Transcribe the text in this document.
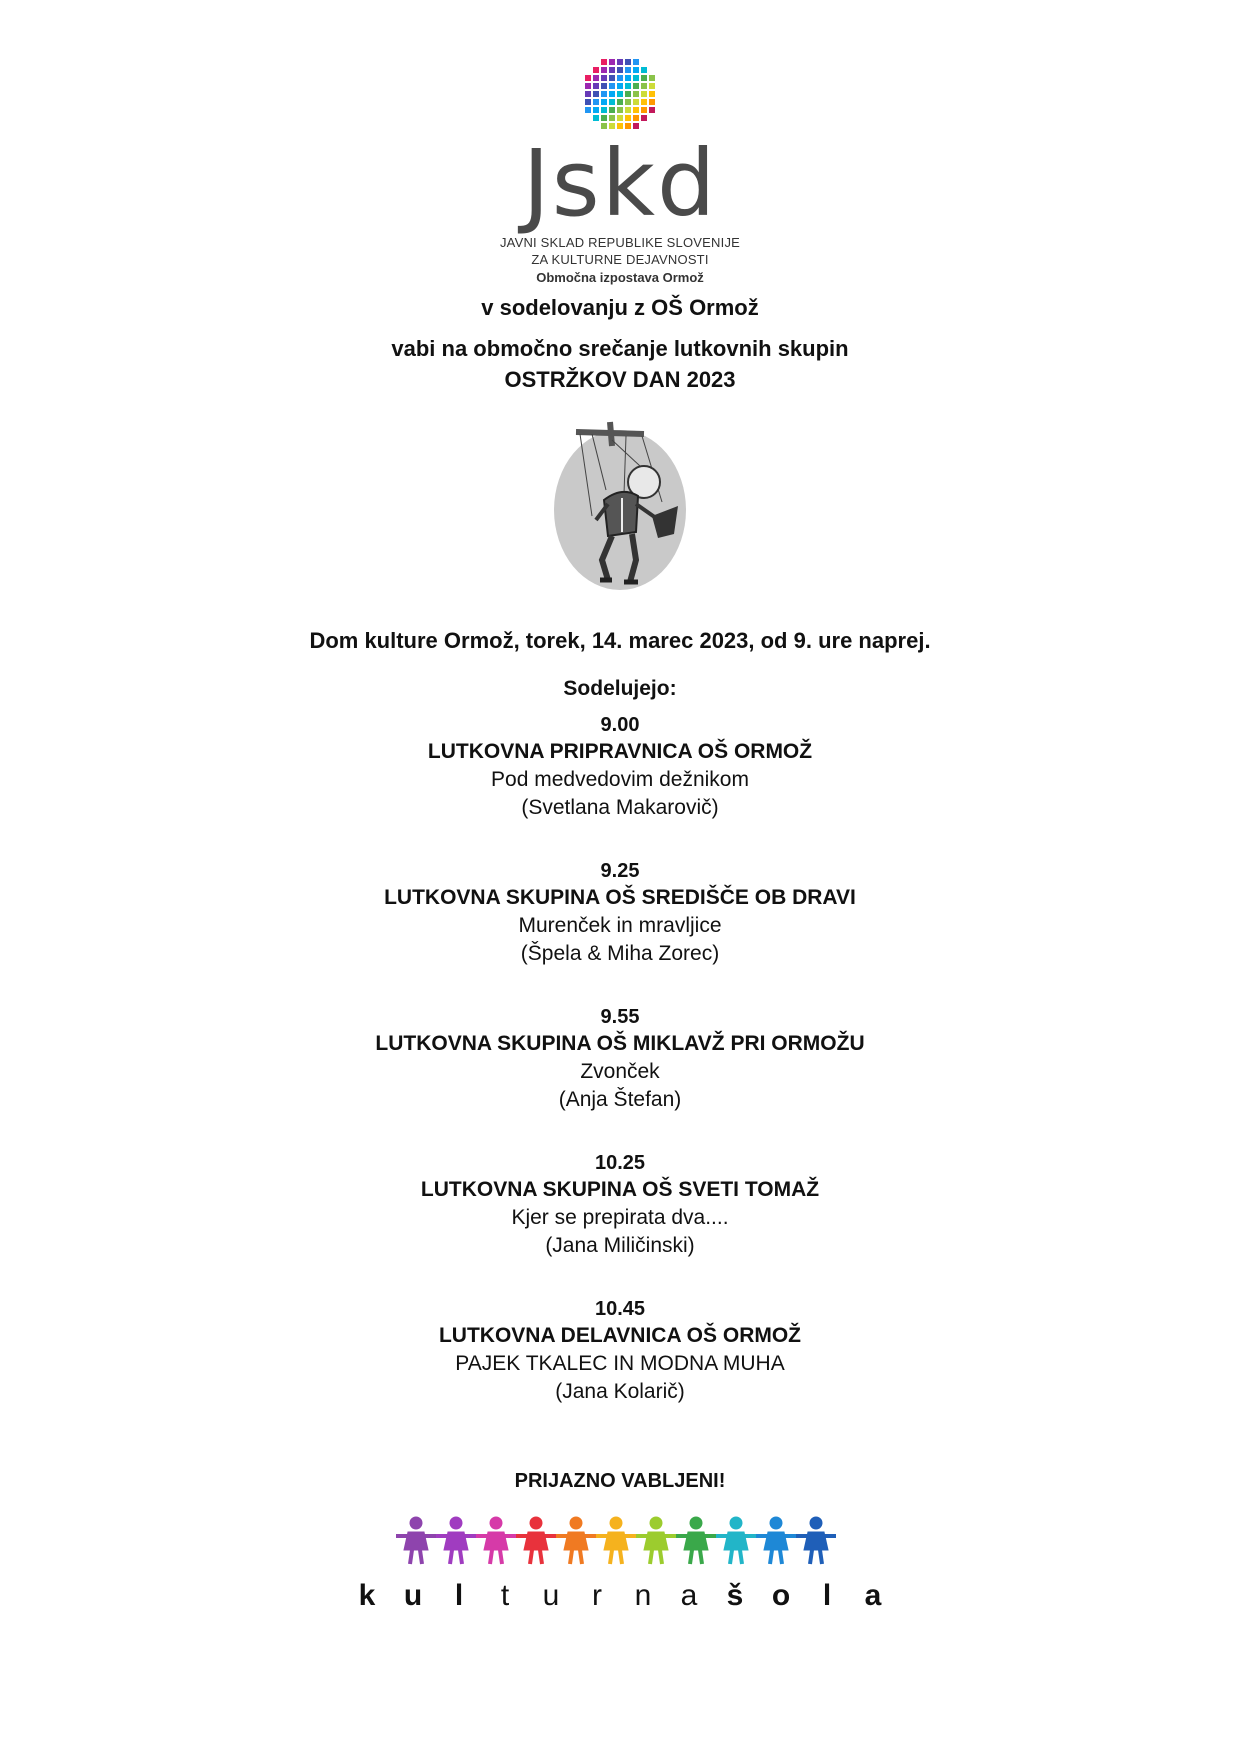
Jskd
JAVNI SKLAD REPUBLIKE SLOVENIJE
ZA KULTURNE DEJAVNOSTI
Območna izpostava Ormož
v sodelovanju z OŠ Ormož
vabi na območno srečanje lutkovnih skupin
OSTRŽKOV DAN 2023
Dom kulture Ormož, torek, 14. marec 2023, od 9. ure naprej.
Sodelujejo:
9.00
LUTKOVNA PRIPRAVNICA OŠ ORMOŽ
Pod medvedovim dežnikom
(Svetlana Makarovič)
9.25
LUTKOVNA SKUPINA OŠ SREDIŠČE OB DRAVI
Murenček in mravljice
(Špela & Miha Zorec)
9.55
LUTKOVNA SKUPINA OŠ MIKLAVŽ PRI ORMOŽU
Zvonček
(Anja Štefan)
10.25
LUTKOVNA SKUPINA OŠ SVETI TOMAŽ
Kjer se prepirata dva....
(Jana Miličinski)
10.45
LUTKOVNA DELAVNICA OŠ ORMOŽ
PAJEK TKALEC IN MODNA MUHA
(Jana Kolarič)
PRIJAZNO VABLJENI!
k u l t u r n a š o l a
